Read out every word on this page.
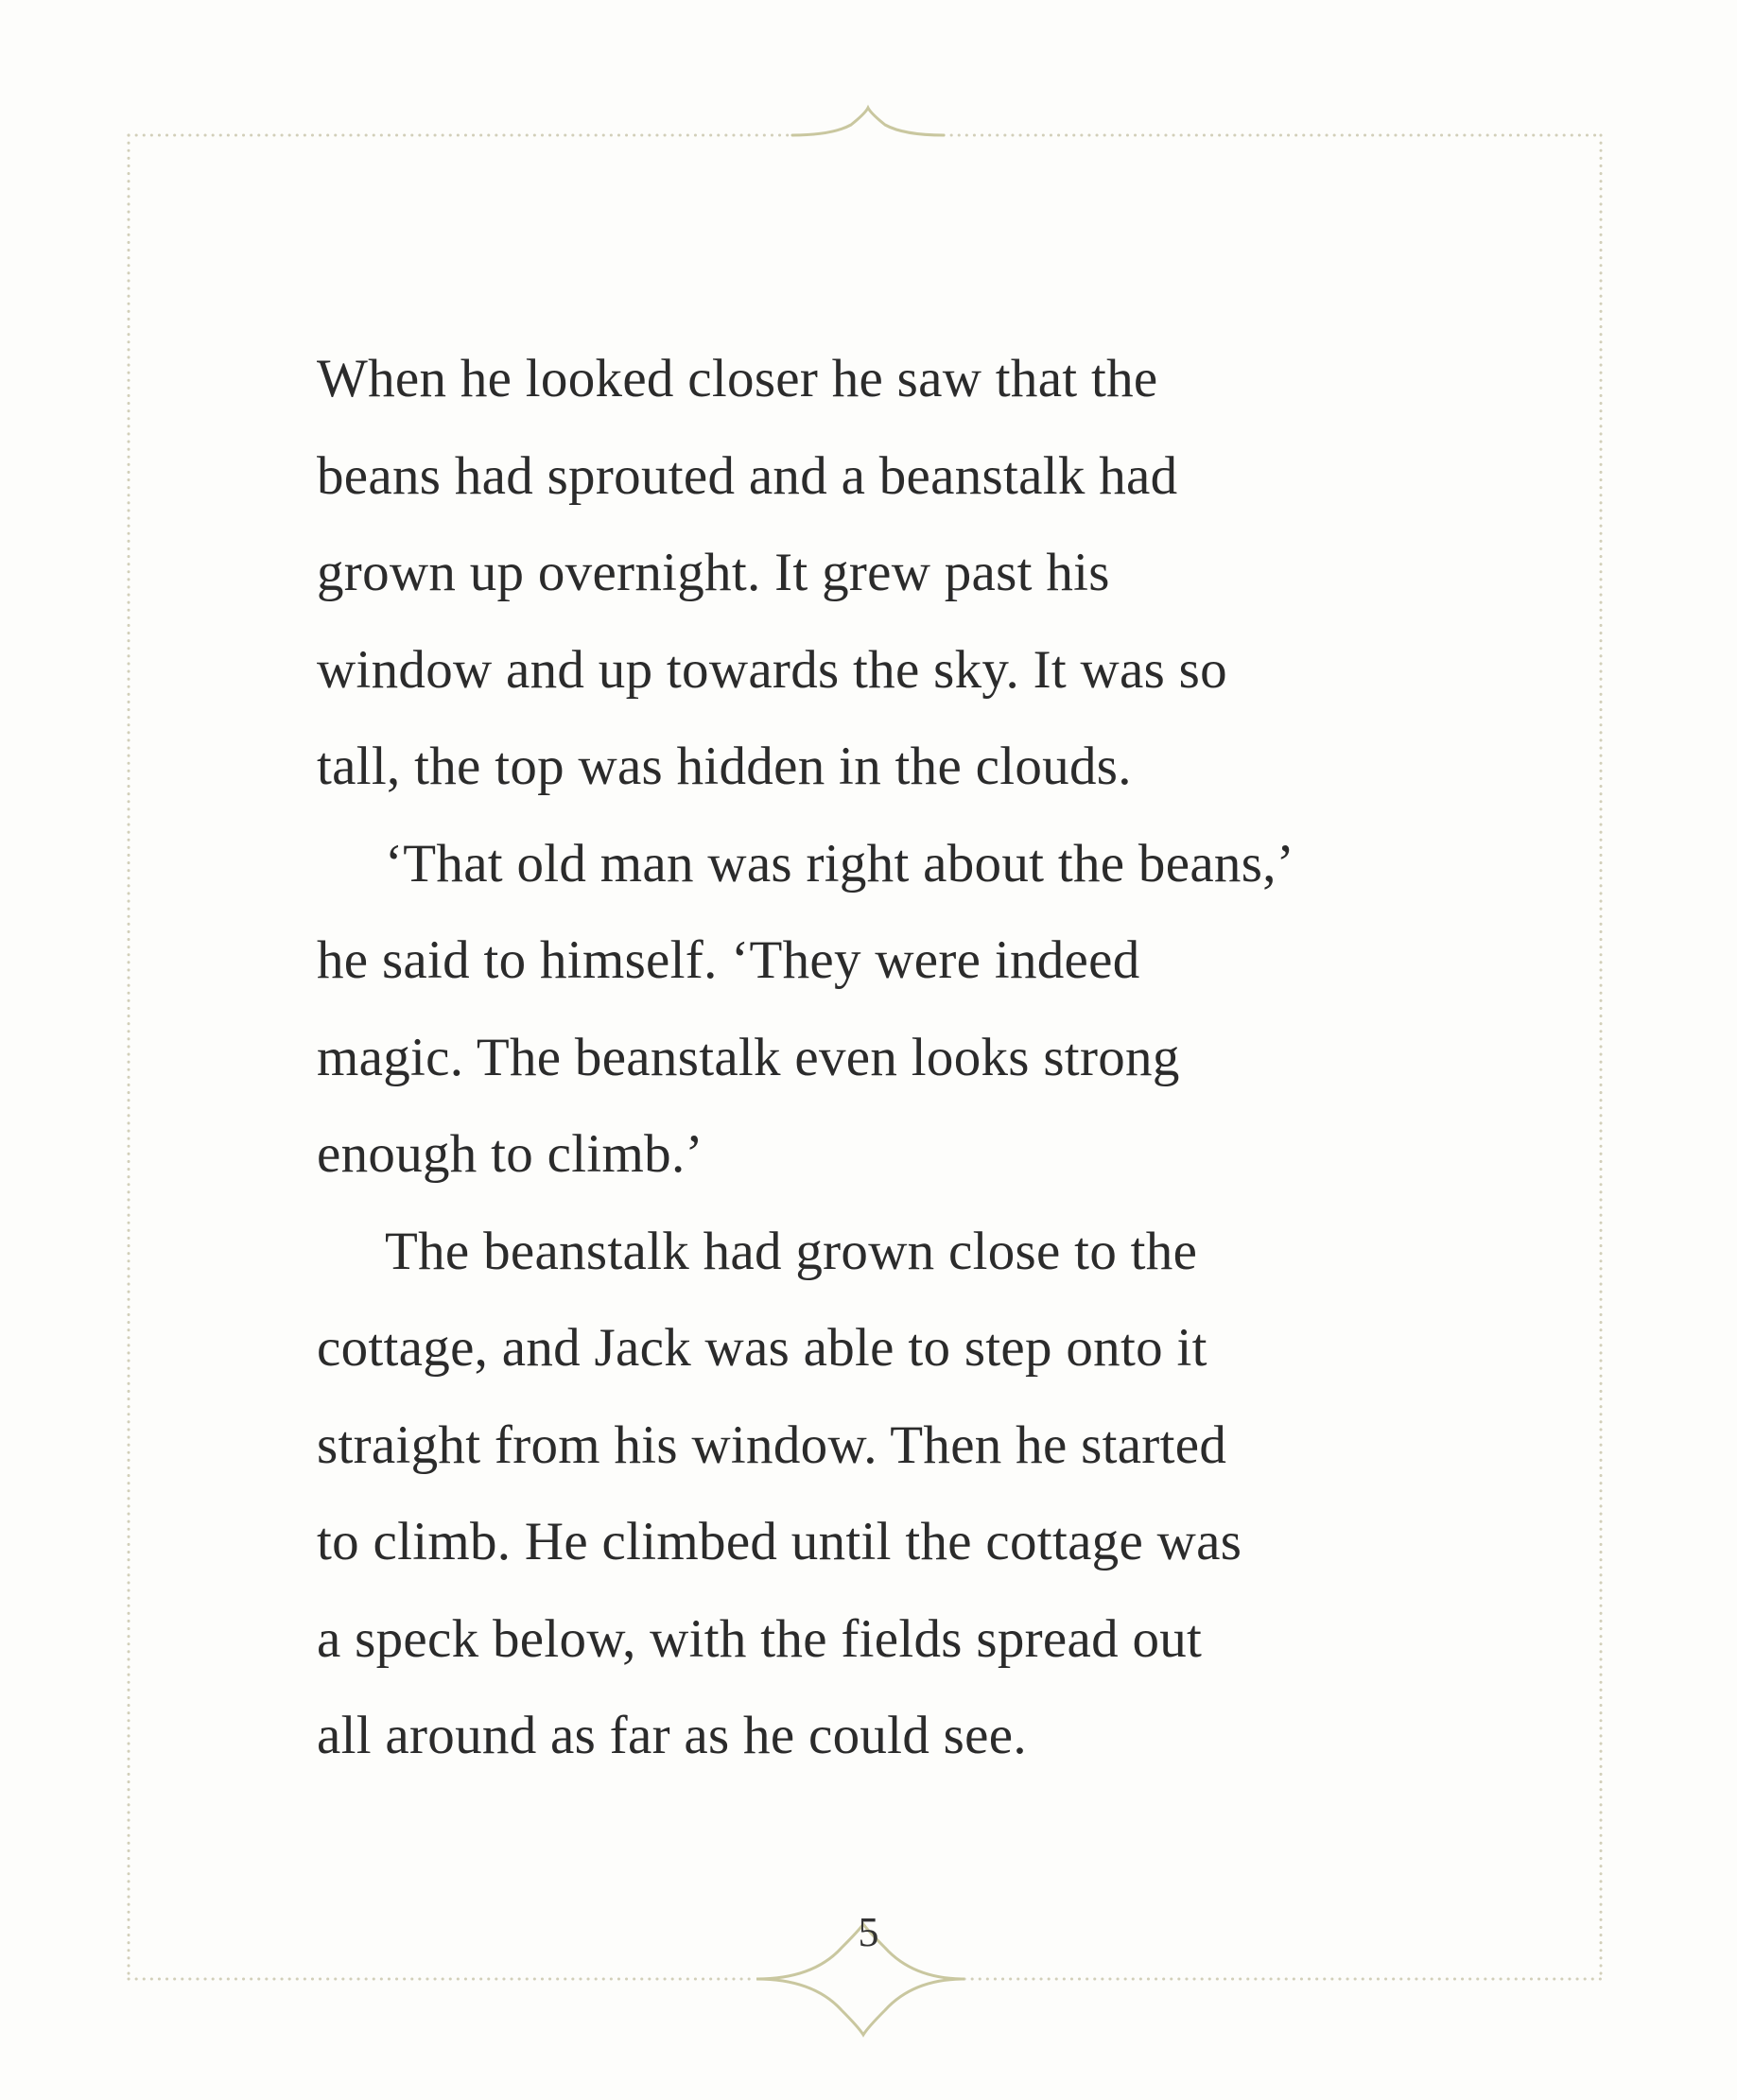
When he looked closer he saw that the
beans had sprouted and a beanstalk had
grown up overnight. It grew past his
window and up towards the sky. It was so
tall, the top was hidden in the clouds.
‘That old man was right about the beans,’
he said to himself. ‘They were indeed
magic. The beanstalk even looks strong
enough to climb.’
The beanstalk had grown close to the
cottage, and Jack was able to step onto it
straight from his window. Then he started
to climb. He climbed until the cottage was
a speck below, with the fields spread out
all around as far as he could see.
5
